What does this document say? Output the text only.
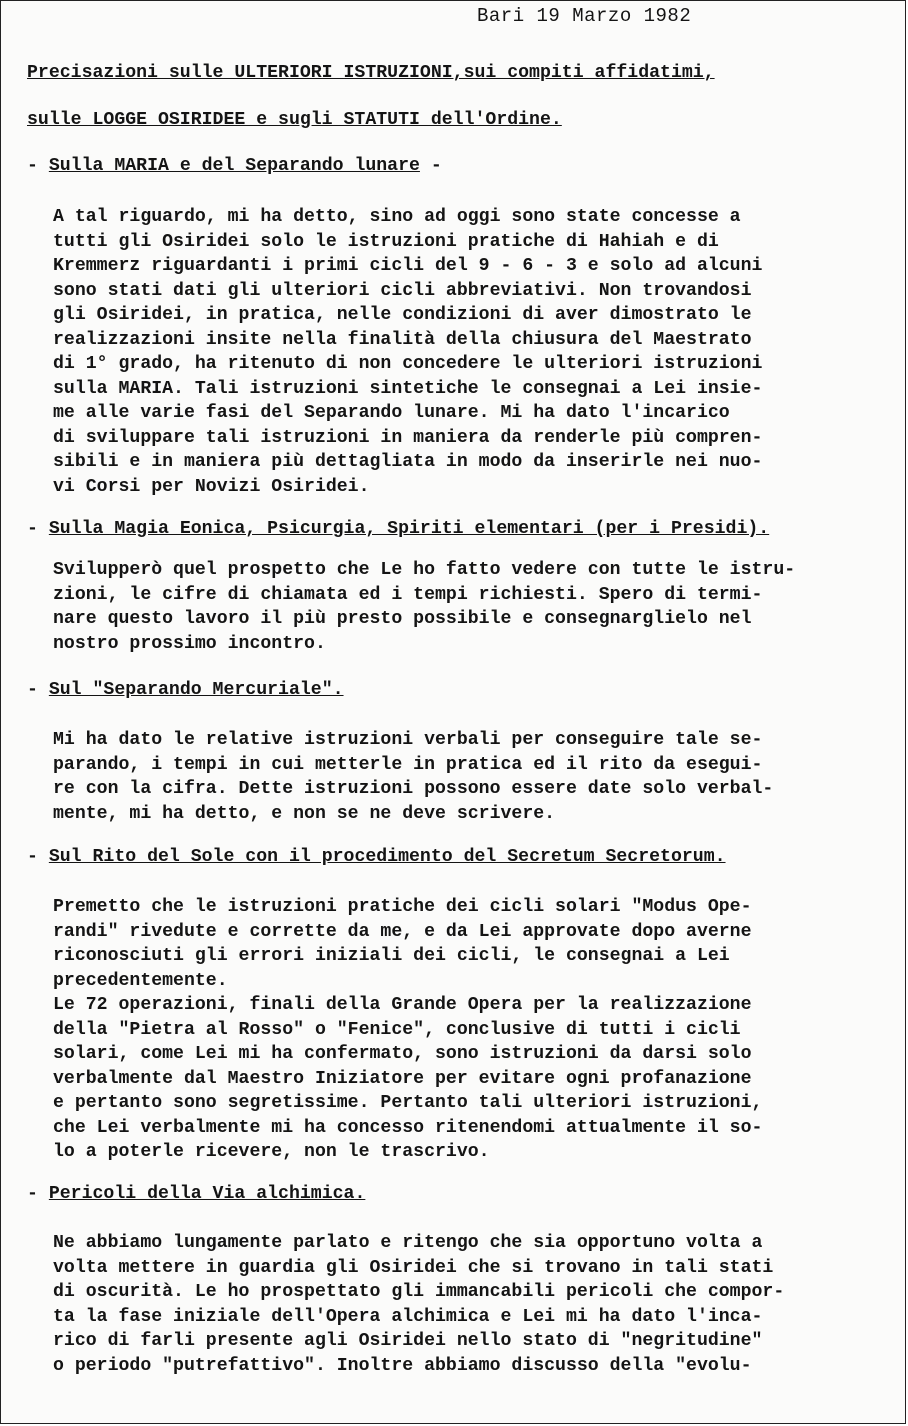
Bari 19 Marzo 1982
Precisazioni sulle ULTERIORI ISTRUZIONI,sui compiti affidatimi,
sulle LOGGE OSIRIDEE e sugli STATUTI dell'Ordine.
- Sulla MARIA e del Separando lunare -
A tal riguardo, mi ha detto, sino ad oggi sono state concesse a
tutti gli Osiridei solo le istruzioni pratiche di Hahiah e di
Kremmerz riguardanti i primi cicli del 9 - 6 - 3 e solo ad alcuni
sono stati dati gli ulteriori cicli abbreviativi. Non trovandosi
gli Osiridei, in pratica, nelle condizioni di aver dimostrato le
realizzazioni insite nella finalità della chiusura del Maestrato
di 1° grado, ha ritenuto di non concedere le ulteriori istruzioni
sulla MARIA. Tali istruzioni sintetiche le consegnai a Lei insie-
me alle varie fasi del Separando lunare. Mi ha dato l'incarico
di sviluppare tali istruzioni in maniera da renderle più compren-
sibili e in maniera più dettagliata in modo da inserirle nei nuo-
vi Corsi per Novizi Osiridei.
- Sulla Magia Eonica, Psicurgia, Spiriti elementari (per i Presidi).
Svilupperò quel prospetto che Le ho fatto vedere con tutte le istru-
zioni, le cifre di chiamata ed i tempi richiesti. Spero di termi-
nare questo lavoro il più presto possibile e consegnarglielo nel
nostro prossimo incontro.
- Sul "Separando Mercuriale".
Mi ha dato le relative istruzioni verbali per conseguire tale se-
parando, i tempi in cui metterle in pratica ed il rito da esegui-
re con la cifra. Dette istruzioni possono essere date solo verbal-
mente, mi ha detto, e non se ne deve scrivere.
- Sul Rito del Sole con il procedimento del Secretum Secretorum.
Premetto che le istruzioni pratiche dei cicli solari "Modus Ope-
randi" rivedute e corrette da me, e da Lei approvate dopo averne
riconosciuti gli errori iniziali dei cicli, le consegnai a Lei
precedentemente.
Le 72 operazioni, finali della Grande Opera per la realizzazione
della "Pietra al Rosso" o "Fenice", conclusive di tutti i cicli
solari, come Lei mi ha confermato, sono istruzioni da darsi solo
verbalmente dal Maestro Iniziatore per evitare ogni profanazione
e pertanto sono segretissime. Pertanto tali ulteriori istruzioni,
che Lei verbalmente mi ha concesso ritenendomi attualmente il so-
lo a poterle ricevere, non le trascrivo.
- Pericoli della Via alchimica.
Ne abbiamo lungamente parlato e ritengo che sia opportuno volta a
volta mettere in guardia gli Osiridei che si trovano in tali stati
di oscurità. Le ho prospettato gli immancabili pericoli che compor-
ta la fase iniziale dell'Opera alchimica e Lei mi ha dato l'inca-
rico di farli presente agli Osiridei nello stato di "negritudine"
o periodo "putrefattivo". Inoltre abbiamo discusso della "evolu-
